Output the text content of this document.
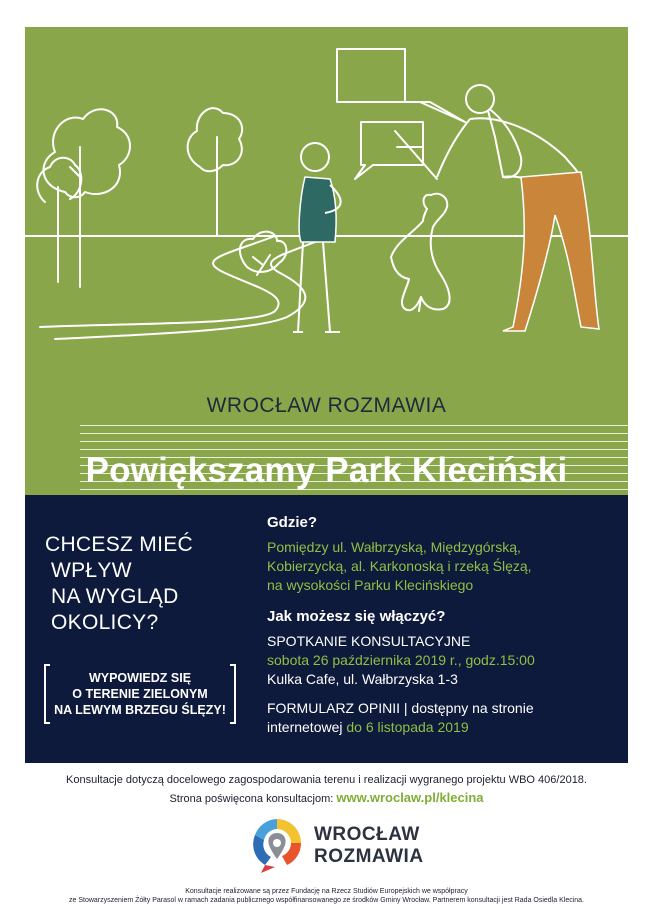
WROCŁAW ROZMAWIA
Powiększamy Park Kleciński
CHCESZ MIEĆ
WPŁYW
NA WYGLĄD
OKOLICY?
WYPOWIEDZ SIĘ
O TERENIE ZIELONYM
NA LEWYM BRZEGU ŚLĘZY!
Gdzie?
Pomiędzy ul. Wałbrzyską, Międzygórską,
Kobierzycką, al. Karkonoską i rzeką Ślęzą,
na wysokości Parku Klecińskiego
Jak możesz się włączyć?
SPOTKANIE KONSULTACYJNE
sobota 26 października 2019 r., godz.15:00
Kulka Cafe, ul. Wałbrzyska 1-3
FORMULARZ OPINII | dostępny na stronie
internetowej do 6 listopada 2019
Konsultacje dotyczą docelowego zagospodarowania terenu i realizacji wygranego projektu WBO 406/2018.
Strona poświęcona konsultacjom: www.wroclaw.pl/klecina
WROCŁAW
ROZMAWIA
Konsultacje realizowane są przez Fundację na Rzecz Studiów Europejskich we współpracy
ze Stowarzyszeniem Żółty Parasol w ramach zadania publicznego współfinansowanego ze środków Gminy Wrocław. Partnerem konsultacji jest Rada Osiedla Klecina.
